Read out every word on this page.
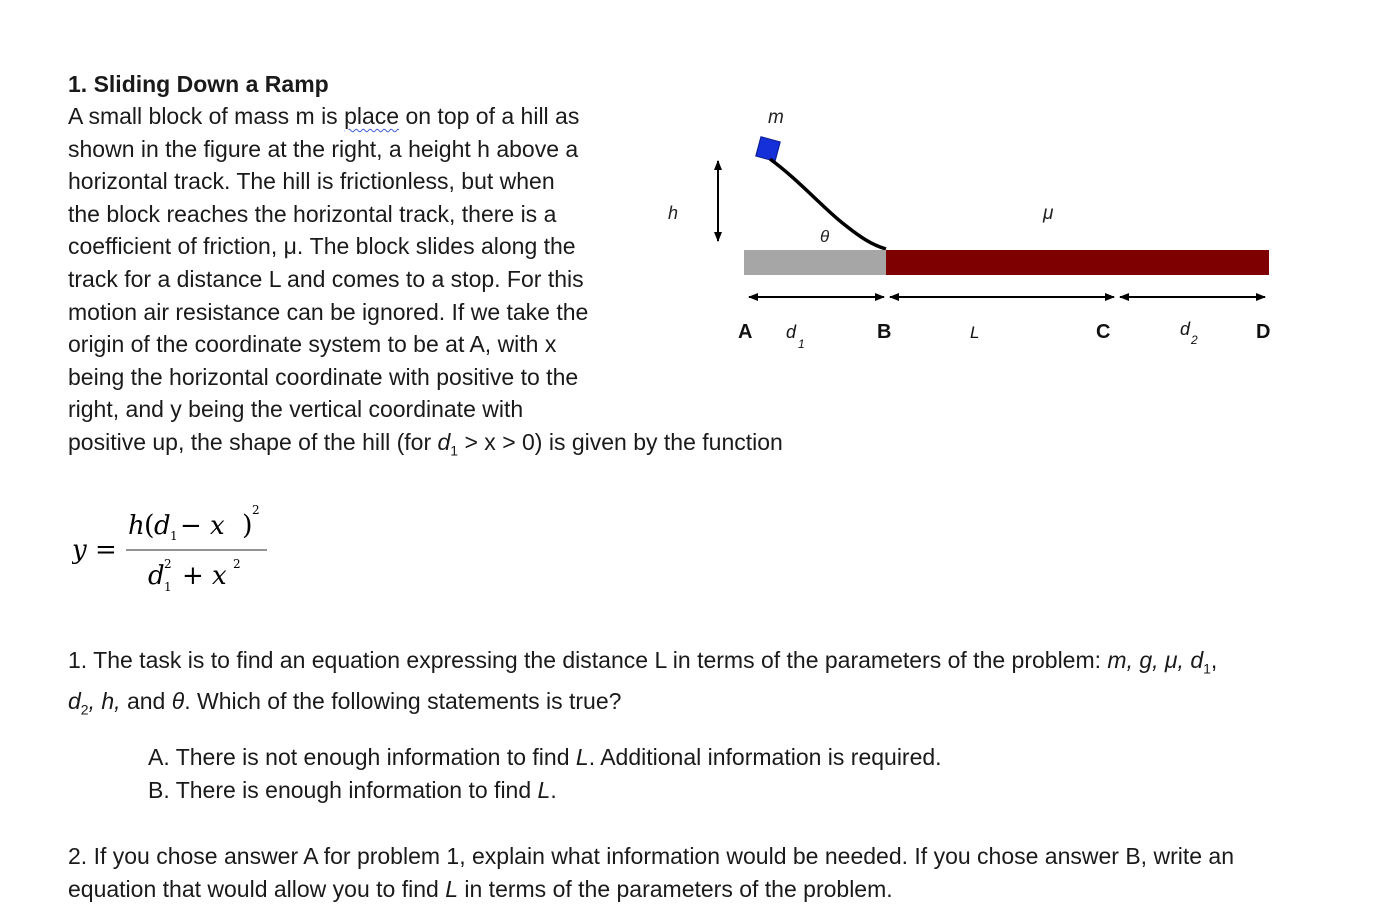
1. Sliding Down a Ramp
A small block of mass m is place on top of a hill as
shown in the figure at the right, a height h above a
horizontal track. The hill is frictionless, but when
the block reaches the horizontal track, there is a
coefficient of friction, μ. The block slides along the
track for a distance L and comes to a stop. For this
motion air resistance can be ignored. If we take the
origin of the coordinate system to be at A, with x
being the horizontal coordinate with positive to the
right, and y being the vertical coordinate with
positive up, the shape of the hill (for $d_1 > x > 0$) is given by the function
y =
h ( d 1 − x ) 2
d 1
2 + x 2
m
h
θ
μ
A d
1
B	L	C	d
2	D
1. The task is to find an equation expressing the distance L in terms of the parameters of the problem: m, g, μ, $d_1$,
$d_2$, h, and θ. Which of the following statements is true?
A. There is not enough information to find L. Additional information is required.
B. There is enough information to find L.
2. If you chose answer A for problem 1, explain what information would be needed. If you chose answer B, write an equation that would allow you to find L in terms of the parameters of the problem.
